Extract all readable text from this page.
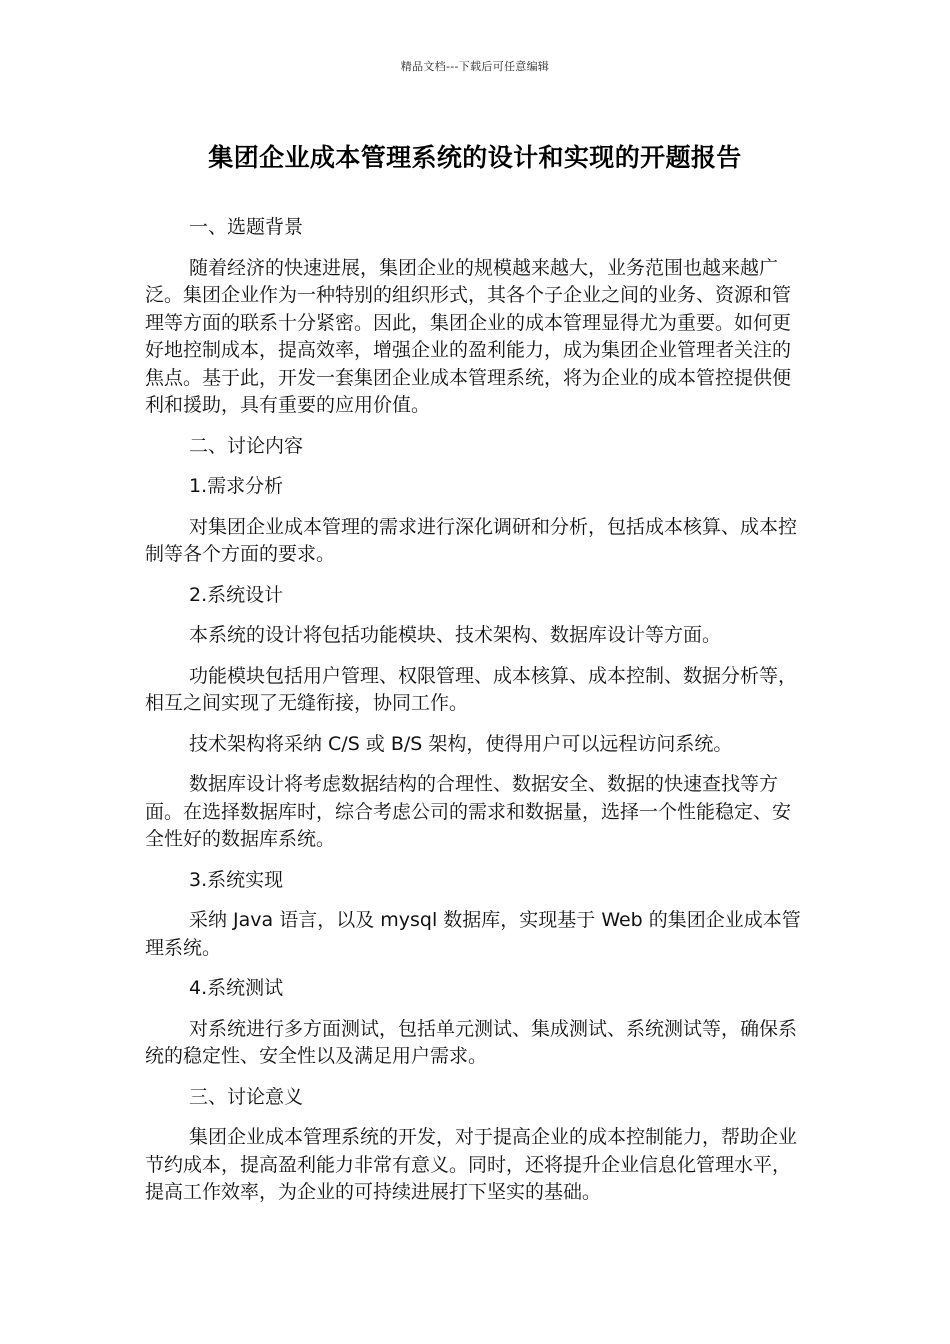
精品文档---下载后可任意编辑
集团企业成本管理系统的设计和实现的开题报告

一、选题背景

随着经济的快速进展，集团企业的规模越来越大，业务范围也越来越广泛。集团企业作为一种特别的组织形式，其各个子企业之间的业务、资源和管理等方面的联系十分紧密。因此，集团企业的成本管理显得尤为重要。如何更好地控制成本，提高效率，增强企业的盈利能力，成为集团企业管理者关注的焦点。基于此，开发一套集团企业成本管理系统，将为企业的成本管控提供便利和援助，具有重要的应用价值。

二、讨论内容

1.需求分析

对集团企业成本管理的需求进行深化调研和分析，包括成本核算、成本控制等各个方面的要求。

2.系统设计

本系统的设计将包括功能模块、技术架构、数据库设计等方面。

功能模块包括用户管理、权限管理、成本核算、成本控制、数据分析等，相互之间实现了无缝衔接，协同工作。

技术架构将采纳 C/S 或 B/S 架构，使得用户可以远程访问系统。

数据库设计将考虑数据结构的合理性、数据安全、数据的快速查找等方面。在选择数据库时，综合考虑公司的需求和数据量，选择一个性能稳定、安全性好的数据库系统。

3.系统实现

采纳 Java 语言，以及 mysql 数据库，实现基于 Web 的集团企业成本管理系统。

4.系统测试

对系统进行多方面测试，包括单元测试、集成测试、系统测试等，确保系统的稳定性、安全性以及满足用户需求。

三、讨论意义

集团企业成本管理系统的开发，对于提高企业的成本控制能力，帮助企业节约成本，提高盈利能力非常有意义。同时，还将提升企业信息化管理水平，提高工作效率，为企业的可持续进展打下坚实的基础。
